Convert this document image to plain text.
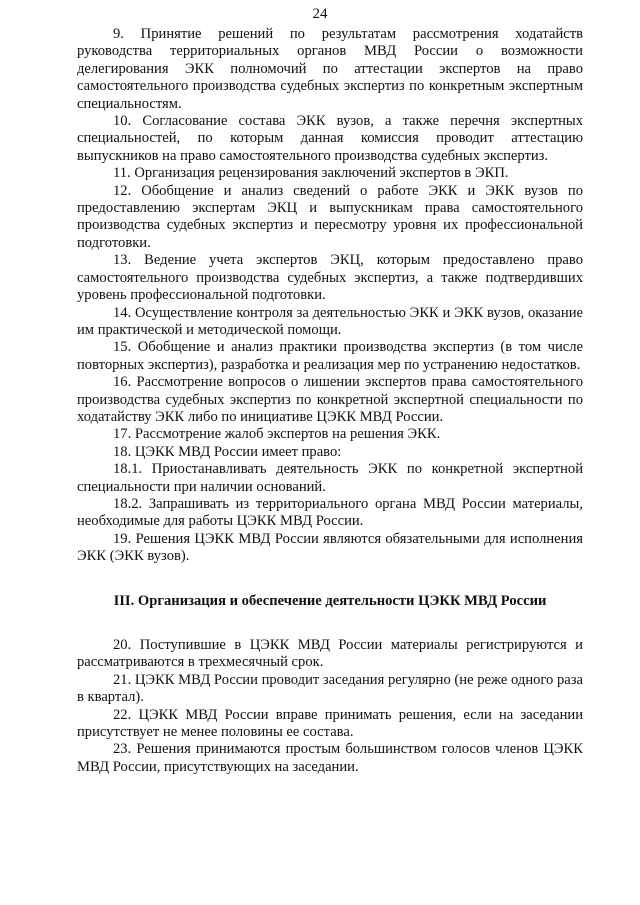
24

9. Принятие решений по результатам рассмотрения ходатайств руководства территориальных органов МВД России о возможности делегирования ЭКК полномочий по аттестации экспертов на право самостоятельного производства судебных экспертиз по конкретным экспертным специальностям.

10. Согласование состава ЭКК вузов, а также перечня экспертных специальностей, по которым данная комиссия проводит аттестацию выпускников на право самостоятельного производства судебных экспертиз.

11. Организация рецензирования заключений экспертов в ЭКП.

12. Обобщение и анализ сведений о работе ЭКК и ЭКК вузов по предоставлению экспертам ЭКЦ и выпускникам права самостоятельного производства судебных экспертиз и пересмотру уровня их профессиональной подготовки.

13. Ведение учета экспертов ЭКЦ, которым предоставлено право самостоятельного производства судебных экспертиз, а также подтвердивших уровень профессиональной подготовки.

14. Осуществление контроля за деятельностью ЭКК и ЭКК вузов, оказание им практической и методической помощи.

15. Обобщение и анализ практики производства экспертиз (в том числе повторных экспертиз), разработка и реализация мер по устранению недостатков.

16. Рассмотрение вопросов о лишении экспертов права самостоятельного производства судебных экспертиз по конкретной экспертной специальности по ходатайству ЭКК либо по инициативе ЦЭКК МВД России.

17. Рассмотрение жалоб экспертов на решения ЭКК.

18. ЦЭКК МВД России имеет право:

18.1. Приостанавливать деятельность ЭКК по конкретной экспертной специальности при наличии оснований.

18.2. Запрашивать из территориального органа МВД России материалы, необходимые для работы ЦЭКК МВД России.

19. Решения ЦЭКК МВД России являются обязательными для исполнения ЭКК (ЭКК вузов).

III. Организация и обеспечение деятельности ЦЭКК МВД России

20. Поступившие в ЦЭКК МВД России материалы регистрируются и рассматриваются в трехмесячный срок.

21. ЦЭКК МВД России проводит заседания регулярно (не реже одного раза в квартал).

22. ЦЭКК МВД России вправе принимать решения, если на заседании присутствует не менее половины ее состава.

23. Решения принимаются простым большинством голосов членов ЦЭКК МВД России, присутствующих на заседании.
